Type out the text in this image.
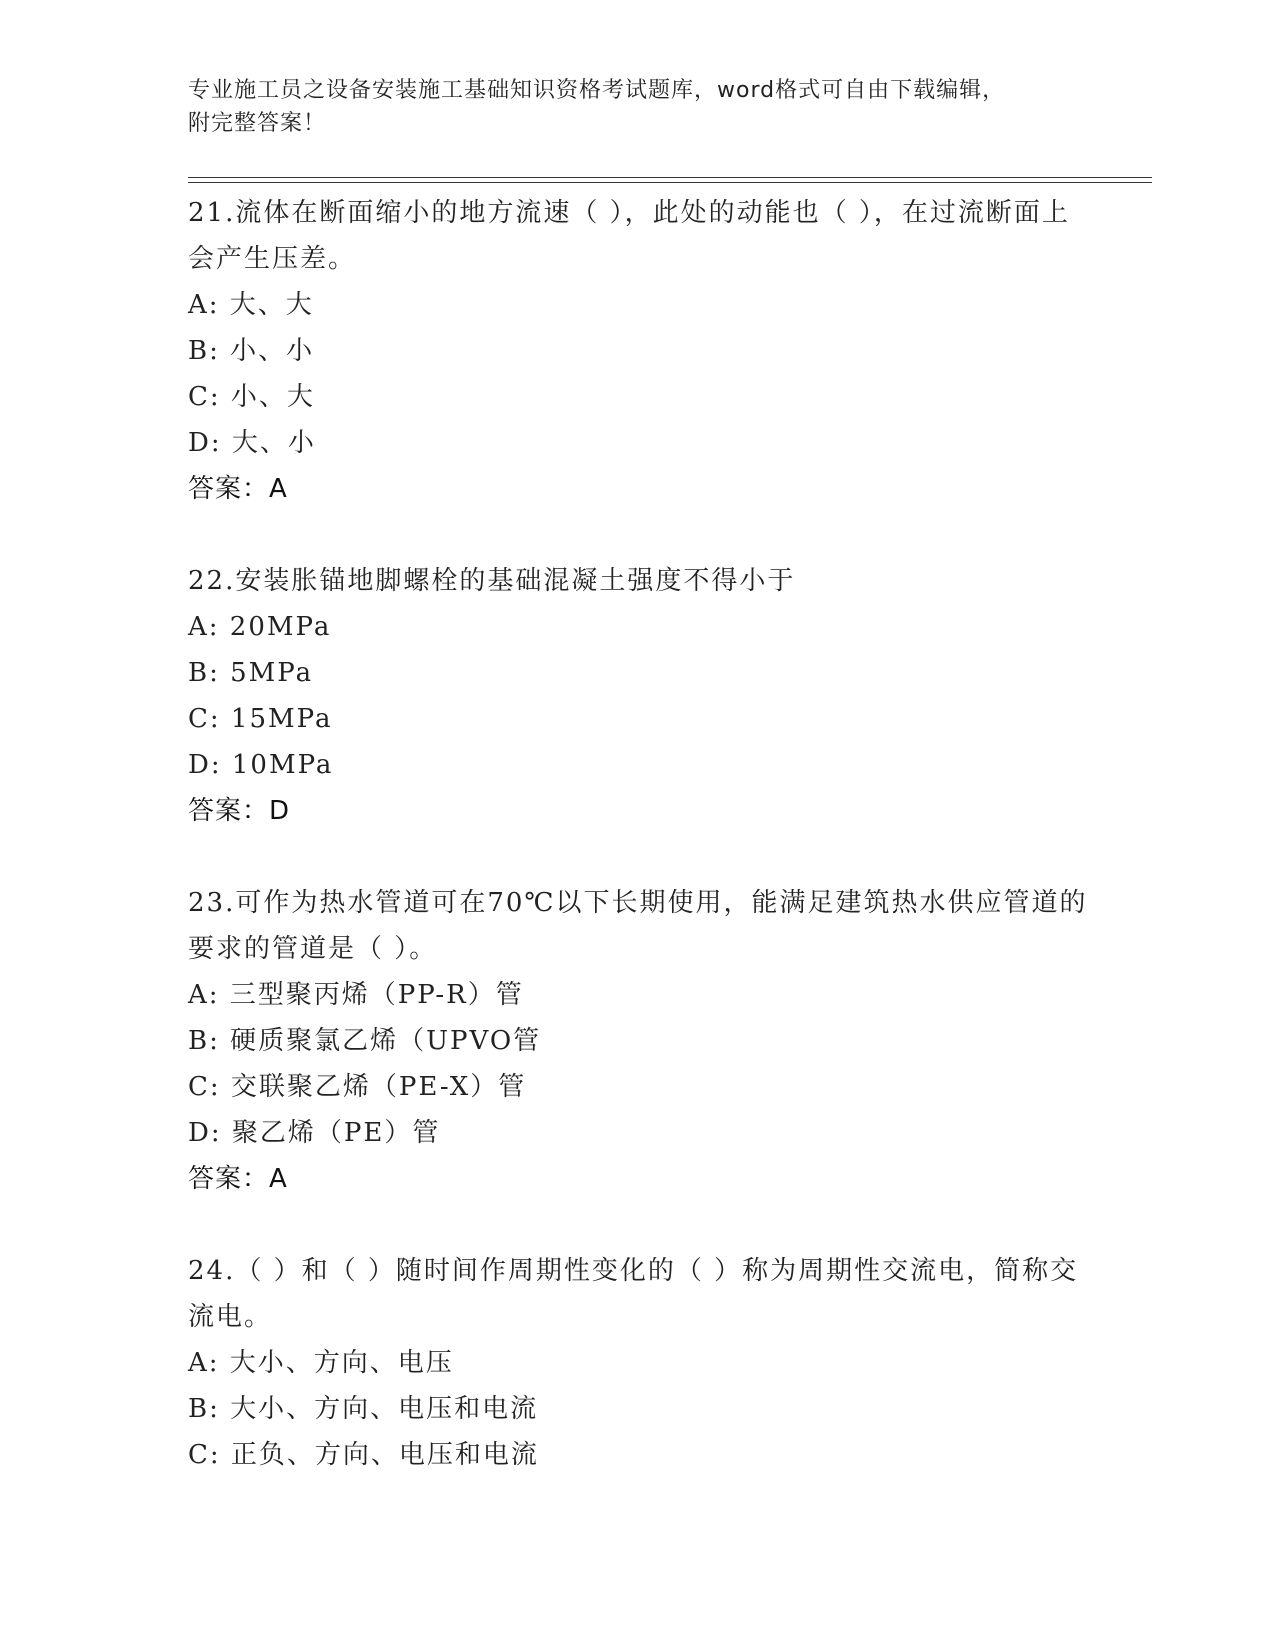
专业施工员之设备安装施工基础知识资格考试题库，word格式可自由下载编辑，
附完整答案！
21.流体在断面缩小的地方流速（ ），此处的动能也（ ），在过流断面上会产生压差。
A: 大、大
B: 小、小
C: 小、大
D: 大、小
答案：A
22.安装胀锚地脚螺栓的基础混凝土强度不得小于
A: 20MPa
B: 5MPa
C: 15MPa
D: 10MPa
答案：D
23.可作为热水管道可在70℃以下长期使用，能满足建筑热水供应管道的要求的管道是（ ）。
A: 三型聚丙烯（PP-R）管
B: 硬质聚氯乙烯（UPVO管
C: 交联聚乙烯（PE-X）管
D: 聚乙烯（PE）管
答案：A
24.（ ）和（ ）随时间作周期性变化的（ ）称为周期性交流电，简称交流电。
A: 大小、方向、电压
B: 大小、方向、电压和电流
C: 正负、方向、电压和电流
